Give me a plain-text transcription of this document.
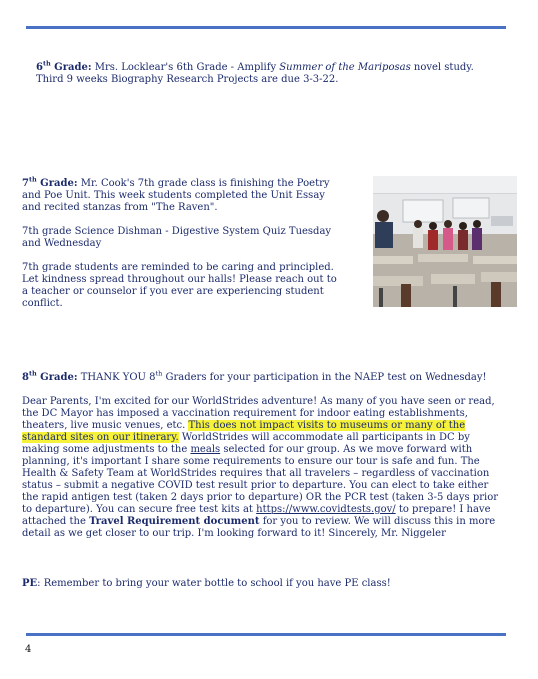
6th Grade: Mrs. Locklear's 6th Grade - Amplify Summer of the Mariposas novel study.
Third 9 weeks Biography Research Projects are due 3-3-22.
7th Grade: Mr. Cook's 7th grade class is finishing the Poetry
and Poe Unit. This week students completed the Unit Essay
and recited stanzas from "The Raven".
7th grade Science Dishman - Digestive System Quiz Tuesday
and Wednesday
7th grade students are reminded to be caring and principled.
Let kindness spread throughout our halls! Please reach out to
a teacher or counselor if you ever are experiencing student
conflict.
8th Grade: THANK YOU 8th Graders for your participation in the NAEP test on Wednesday!
Dear Parents, I'm excited for our WorldStrides adventure! As many of you have seen or read,
the DC Mayor has imposed a vaccination requirement for indoor eating establishments,
theaters, live music venues, etc. This does not impact visits to museums or many of the
standard sites on our itinerary. WorldStrides will accommodate all participants in DC by
making some adjustments to the meals selected for our group. As we move forward with
planning, it's important I share some requirements to ensure our tour is safe and fun. The
Health & Safety Team at WorldStrides requires that all travelers – regardless of vaccination
status – submit a negative COVID test result prior to departure. You can elect to take either
the rapid antigen test (taken 2 days prior to departure) OR the PCR test (taken 3-5 days prior
to departure). You can secure free test kits at https://www.covidtests.gov/ to prepare! I have
attached the Travel Requirement document for you to review. We will discuss this in more
detail as we get closer to our trip. I'm looking forward to it! Sincerely, Mr. Niggeler
PE: Remember to bring your water bottle to school if you have PE class!
4
